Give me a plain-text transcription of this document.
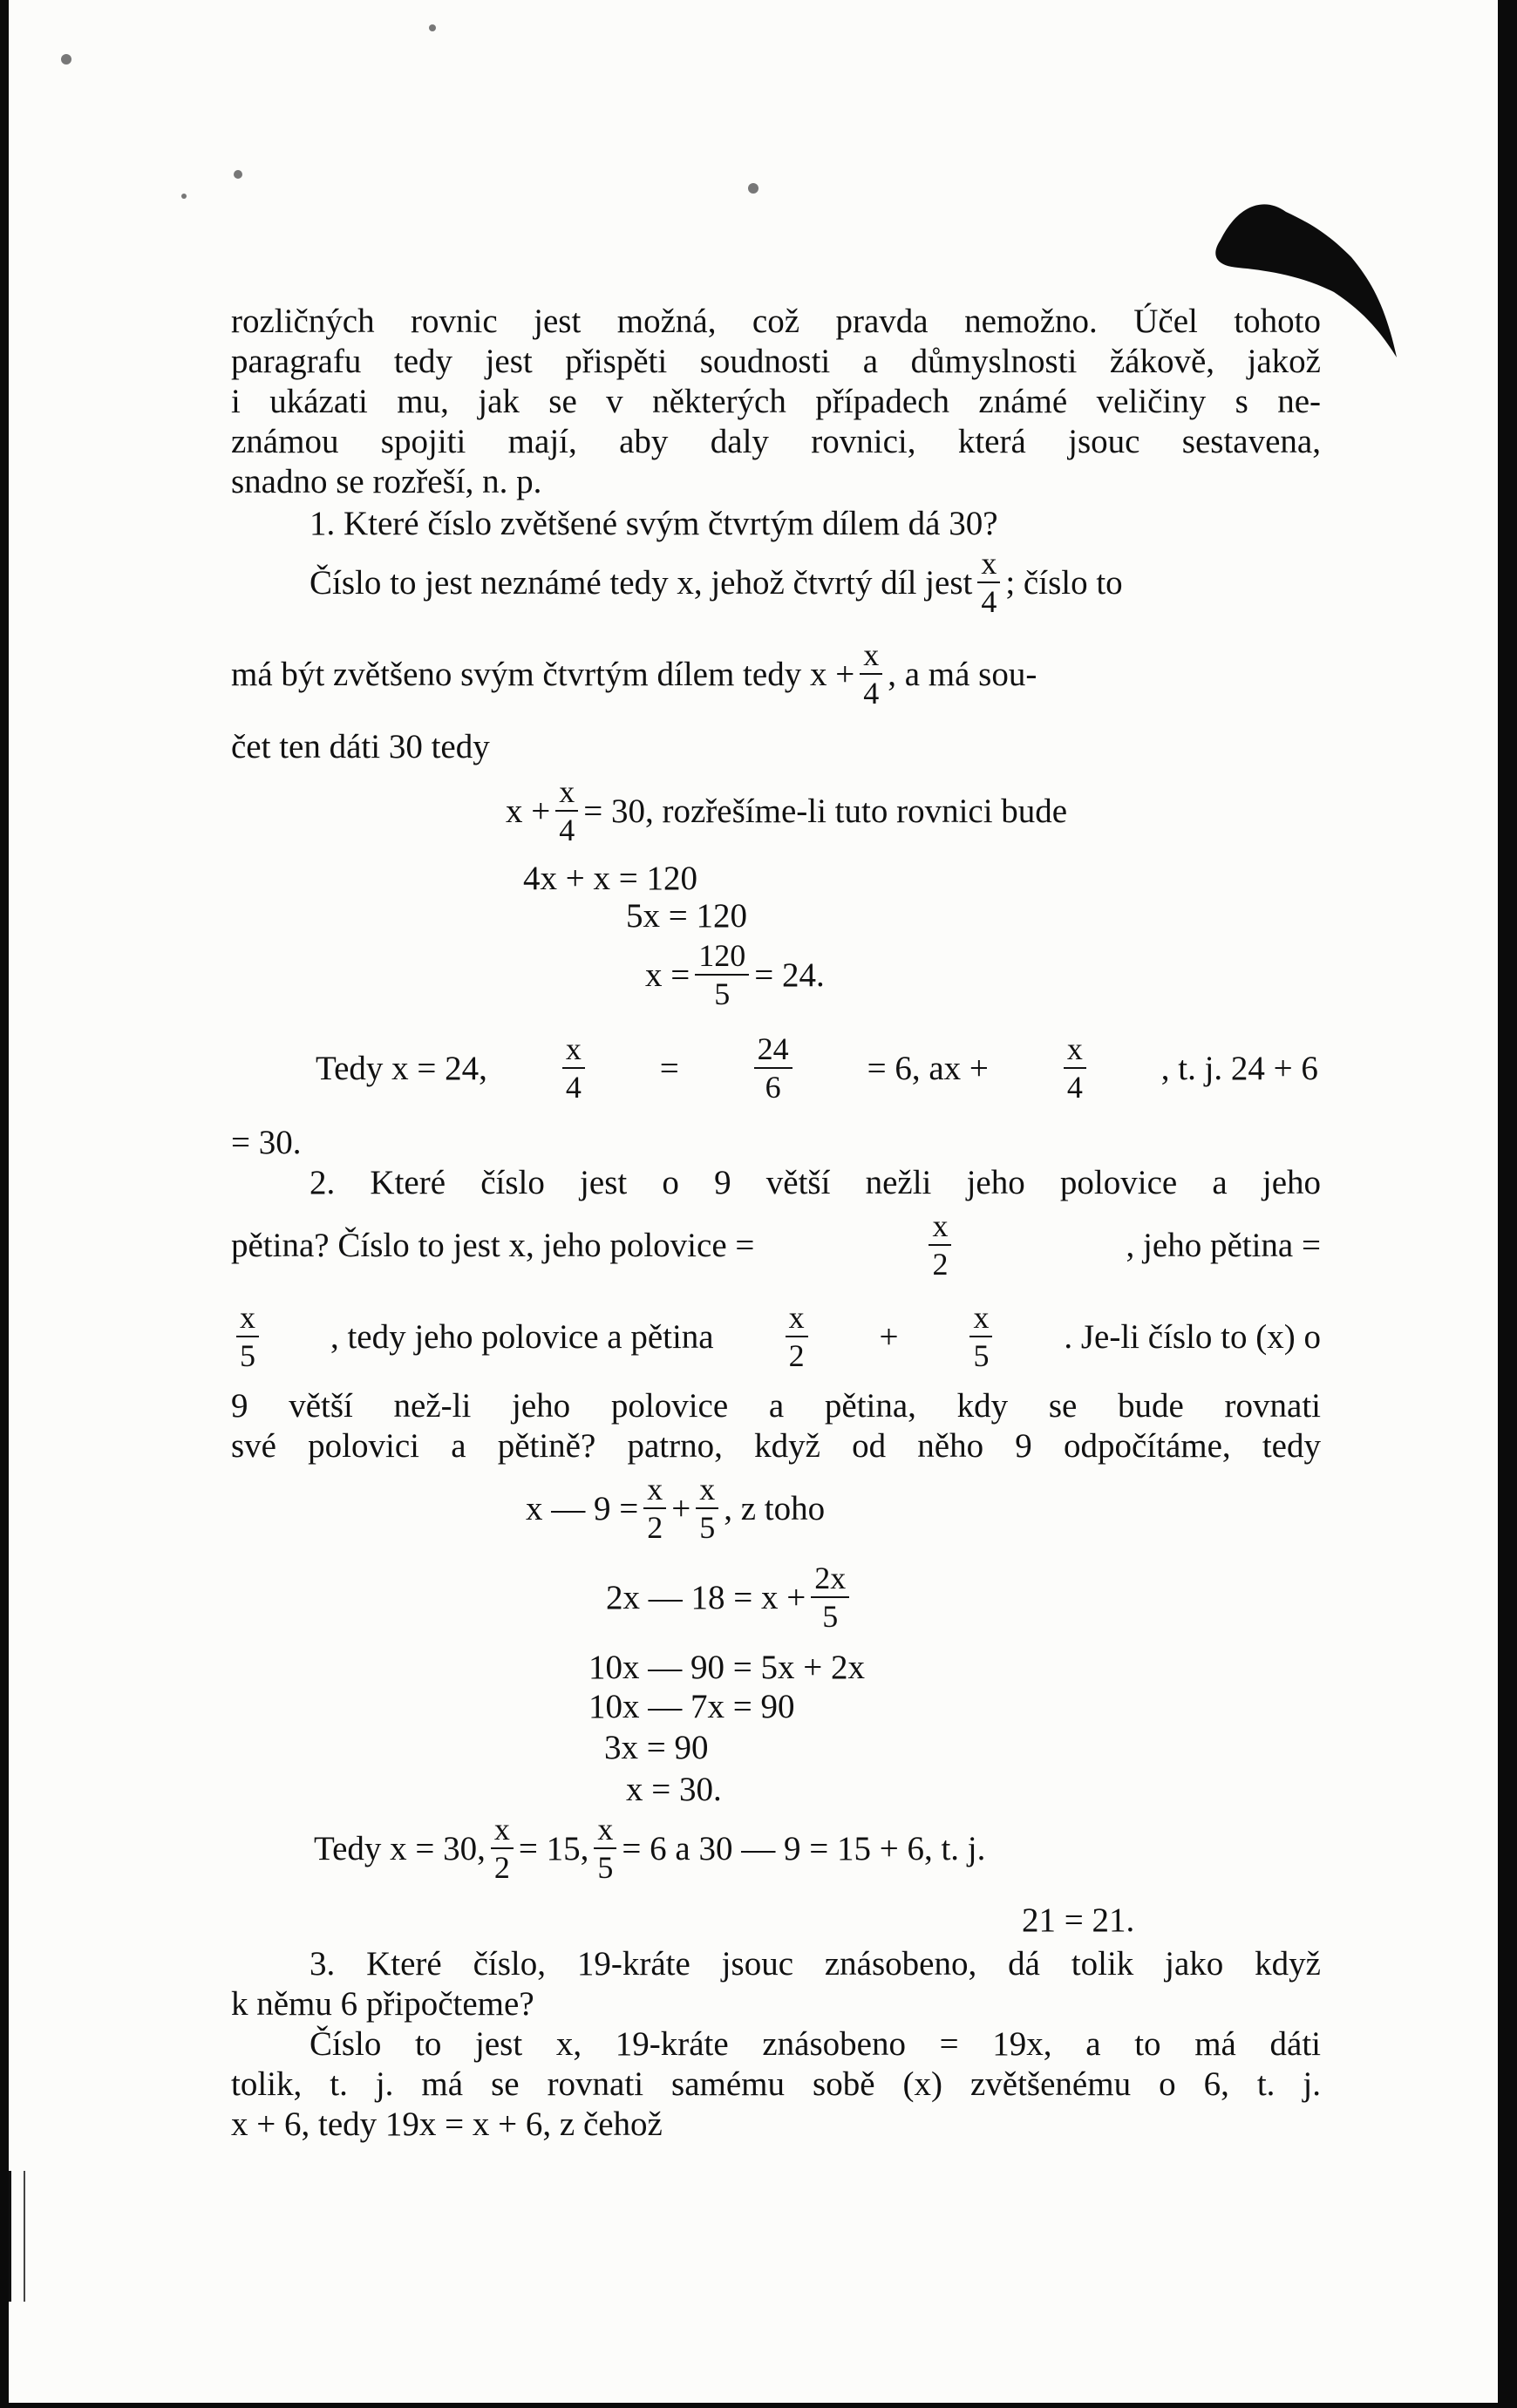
rozličných rovnic jest možná, což pravda nemožno. Účel tohoto
paragrafu tedy jest přispěti soudnosti a důmyslnosti žákově, jakož
i ukázati mu, jak se v některých případech známé veličiny s ne-
známou spojiti mají, aby daly rovnici, která jsouc sestavena,
snadno se rozřeší, n. p.
1. Které číslo zvětšené svým čtvrtým dílem dá 30?
Číslo to jest neznámé tedy x, jehož čtvrtý díl jest $\frac{x}{4}$ ; číslo to
má být zvětšeno svým čtvrtým dílem tedy $x + \frac{x}{4}$ , a má sou-
čet ten dáti 30 tedy
$x + \frac{x}{4} = 30$, rozřešíme-li tuto rovnici bude
4x + x = 120
5x = 120
$x = \frac{120}{5} = 24$.
Tedy x = 24, $\frac{x}{4} = \frac{24}{6} = 6$, ax + $\frac{x}{4}$ , t. j. 24 + 6
= 30.
2. Které číslo jest o 9 větší nežli jeho polovice a jeho
pětina? Číslo to jest x, jeho polovice =	$\frac{x}{2}$	, jeho pětina =
$\frac{x}{5}$ , tedy jeho polovice a pětina $\frac{x}{2} + \frac{x}{5}$ . Je-li číslo to (x) o
9 větší než-li jeho polovice a pětina, kdy se bude rovnati
své polovici a pětině? patrno, když od něho 9 odpočítáme, tedy
x — $9 = \frac{x}{2} + \frac{x}{5}$ , z toho
2x — $18 = x + \frac{2x}{5}$
10x — 90 = 5x + 2x
10x — 7x = 90
3x = 90
x = 30.
Tedy x = 30, $\frac{x}{2} = 15$, $\frac{x}{5} = 6$ a 30 — 9 = 15 + 6, t. j.
21 = 21.
3. Které číslo, 19-kráte jsouc znásobeno, dá tolik jako když
k němu 6 připočteme?
Číslo to jest x, 19-kráte znásobeno = 19x, a to má dáti
tolik, t. j. má se rovnati samému sobě (x) zvětšenému o 6, t. j.
x + 6, tedy 19x = x + 6, z čehož
